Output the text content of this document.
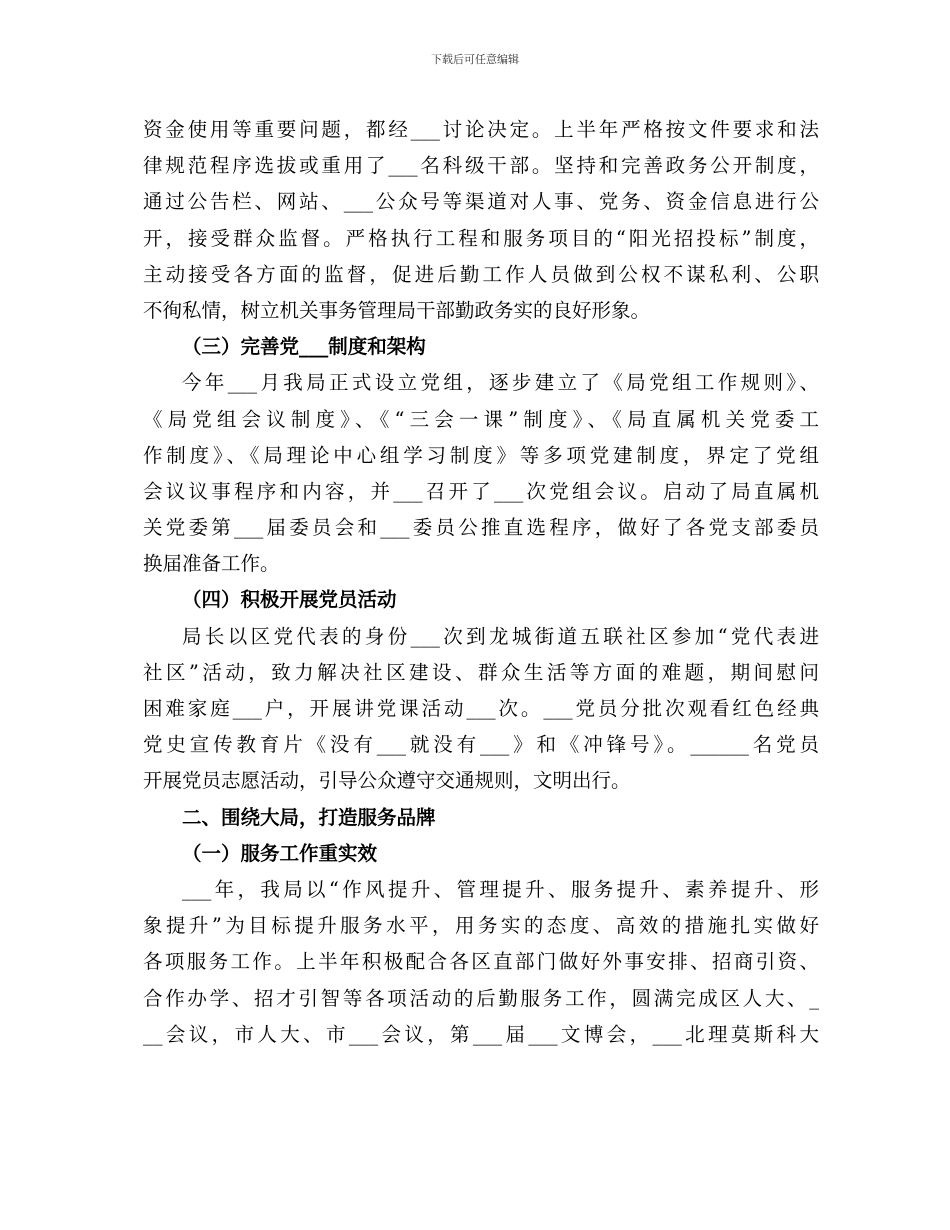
下载后可任意编辑
资金使用等重要问题，都经___讨论决定。上半年严格按文件要求和法
律规范程序选拔或重用了___名科级干部。坚持和完善政务公开制度，
通过公告栏、网站、___公众号等渠道对人事、党务、资金信息进行公
开，接受群众监督。严格执行工程和服务项目的“阳光招投标”制度，
主动接受各方面的监督，促进后勤工作人员做到公权不谋私利、公职
不徇私情，树立机关事务管理局干部勤政务实的良好形象。
（三）完善党___制度和架构
今年___月我局正式设立党组，逐步建立了《局党组工作规则》、
《局党组会议制度》、《“三会一课”制度》、《局直属机关党委工
作制度》、《局理论中心组学习制度》等多项党建制度，界定了党组
会议议事程序和内容，并___召开了___次党组会议。启动了局直属机
关党委第___届委员会和___委员公推直选程序，做好了各党支部委员
换届准备工作。
（四）积极开展党员活动
局长以区党代表的身份___次到龙城街道五联社区参加“党代表进
社区”活动，致力解决社区建设、群众生活等方面的难题，期间慰问
困难家庭___户，开展讲党课活动___次。___党员分批次观看红色经典
党史宣传教育片《没有___就没有___》和《冲锋号》。______名党员
开展党员志愿活动，引导公众遵守交通规则，文明出行。
二、围绕大局，打造服务品牌
（一）服务工作重实效
___年，我局以“作风提升、管理提升、服务提升、素养提升、形
象提升”为目标提升服务水平，用务实的态度、高效的措施扎实做好
各项服务工作。上半年积极配合各区直部门做好外事安排、招商引资、
合作办学、招才引智等各项活动的后勤服务工作，圆满完成区人大、_
__会议，市人大、市___会议，第___届___文博会，___北理莫斯科大
